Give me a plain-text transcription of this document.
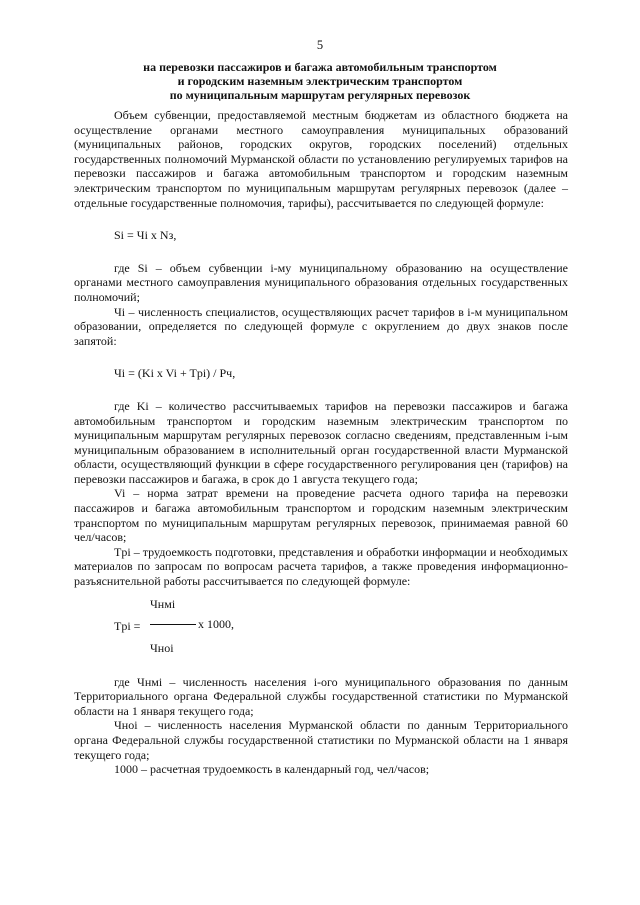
5
на перевозки пассажиров и багажа автомобильным транспортом
и городским наземным электрическим транспортом
по муниципальным маршрутам регулярных перевозок

Объем субвенции, предоставляемой местным бюджетам из областного бюджета на осуществление органами местного самоуправления муниципальных образований (муниципальных районов, городских округов, городских поселений) отдельных государственных полномочий Мурманской области по установлению регулируемых тарифов на перевозки пассажиров и багажа автомобильным транспортом и городским наземным электрическим транспортом по муниципальным маршрутам регулярных перевозок (далее – отдельные государственные полномочия, тарифы), рассчитывается по следующей формуле:

Si = Чi x Nз,

где Si – объем субвенции i-му муниципальному образованию на осуществление органами местного самоуправления муниципального образования отдельных государственных полномочий;

Чi – численность специалистов, осуществляющих расчет тарифов в i-м муниципальном образовании, определяется по следующей формуле с округлением до двух знаков после запятой:

Чi = (Ki x Vi + Tpi) / Рч,

где Ki – количество рассчитываемых тарифов на перевозки пассажиров и багажа автомобильным транспортом и городским наземным электрическим транспортом по муниципальным маршрутам регулярных перевозок согласно сведениям, представленным i-ым муниципальным образованием в исполнительный орган государственной власти Мурманской области, осуществляющий функции в сфере государственного регулирования цен (тарифов) на перевозки пассажиров и багажа, в срок до 1 августа текущего года;

Vi – норма затрат времени на проведение расчета одного тарифа на перевозки пассажиров и багажа автомобильным транспортом и городским наземным электрическим транспортом по муниципальным маршрутам регулярных перевозок, принимаемая равной 60 чел/часов;

Tpi – трудоемкость подготовки, представления и обработки информации и необходимых материалов по запросам по вопросам расчета тарифов, а также проведения информационно-разъяснительной работы рассчитывается по следующей формуле:

Tpi =
Чнмi
x 1000,
Чноi

где Чнмi – численность населения i-ого муниципального образования по данным Территориального органа Федеральной службы государственной статистики по Мурманской области на 1 января текущего года;

Чноi – численность населения Мурманской области по данным Территориального органа Федеральной службы государственной статистики по Мурманской области на 1 января текущего года;

1000 – расчетная трудоемкость в календарный год, чел/часов;
